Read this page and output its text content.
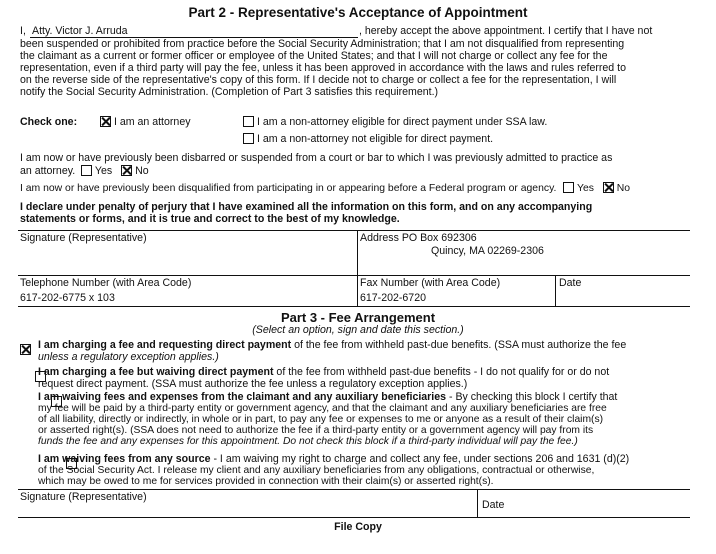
Part 2 - Representative's Acceptance of Appointment
I, Atty. Victor J. Arruda	, hereby accept the above appointment. I certify that I have not
been suspended or prohibited from practice before the Social Security Administration; that I am not disqualified from representing
the claimant as a current or former officer or employee of the United States; and that I will not charge or collect any fee for the
representation, even if a third party will pay the fee, unless it has been approved in accordance with the laws and rules referred to
on the reverse side of the representative's copy of this form. If I decide not to charge or collect a fee for the representation, I will
notify the Social Security Administration. (Completion of Part 3 satisfies this requirement.)
Check one:	I am an attorney	I am a non-attorney eligible for direct payment under SSA law.
I am a non-attorney not eligible for direct payment.
I am now or have previously been disbarred or suspended from a court or bar to which I was previously admitted to practice as
an attorney. Yes No
I am now or have previously been disqualified from participating in or appearing before a Federal program or agency. Yes No
I declare under penalty of perjury that I have examined all the information on this form, and on any accompanying
statements or forms, and it is true and correct to the best of my knowledge.
Signature (Representative)	Address PO Box 692306
Quincy, MA 02269-2306
Telephone Number (with Area Code)
617-202-6775 x 103
Fax Number (with Area Code)
617-202-6720
Date
Part 3 - Fee Arrangement
(Select an option, sign and date this section.)

I am charging a fee and requesting direct payment of the fee from withheld past-due benefits. (SSA must authorize the fee
unless a regulatory exception applies.)

I am charging a fee but waiving direct payment of the fee from withheld past-due benefits - I do not qualify for or do not
request direct payment. (SSA must authorize the fee unless a regulatory exception applies.)

I am waiving fees and expenses from the claimant and any auxiliary beneficiaries - By checking this block I certify that
my fee will be paid by a third-party entity or government agency, and that the claimant and any auxiliary beneficiaries are free
of all liability, directly or indirectly, in whole or in part, to pay any fee or expenses to me or anyone as a result of their claim(s)
or asserted right(s). (SSA does not need to authorize the fee if a third-party entity or a government agency will pay from its
funds the fee and any expenses for this appointment. Do not check this block if a third-party individual will pay the fee.)
I am waiving fees from any source - I am waiving my right to charge and collect any fee, under sections 206 and 1631 (d)(2)
of the Social Security Act. I release my client and any auxiliary beneficiaries from any obligations, contractual or otherwise,
which may be owed to me for services provided in connection with their claim(s) or asserted right(s).
Signature (Representative)
Date
File Copy
